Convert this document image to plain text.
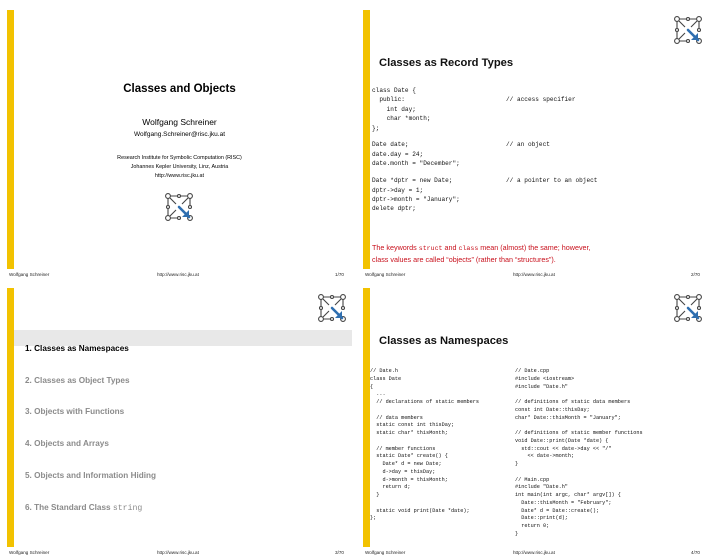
Classes and Objects
Wolfgang Schreiner
Wolfgang.Schreiner@risc.jku.at
Research Institute for Symbolic Computation (RISC)
Johannes Kepler University, Linz, Austria
http://www.risc.jku.at
Wolfgang Schreiner	http://www.risc.jku.at	1/70
Classes as Record Types
class Date {
public:	// access specifier
int day;
char *month;
};
Date date;	// an object
date.day = 24;
date.month = "December";
Date *dptr = new Date;	// a pointer to an object
dptr->day = 1;
dptr->month = "January";
delete dptr;
The keywords struct and class mean (almost) the same; however,
class values are called “objects” (rather than “structures”).
Wolfgang Schreiner	http://www.risc.jku.at	2/70
1. Classes as Namespaces
2. Classes as Object Types
3. Objects with Functions
4. Objects and Arrays
5. Objects and Information Hiding
6. The Standard Class string
Wolfgang Schreiner	http://www.risc.jku.at	3/70
Classes as Namespaces
// Date.h
class Date
{
...
// declarations of static members
// data members
static const int thisDay;
static char* thisMonth;
// member functions
static Date* create() {
Date* d = new Date;
d->day = thisDay;
d->month = thisMonth;
return d;
}
static void print(Date *date);
};
// Date.cpp
#include <iostream>
#include "Date.h"
// definitions of static data members
const int Date::thisDay;
char* Date::thisMonth = "January";
// definitions of static member functions
void Date::print(Date *date) {
std::cout << date->day << "/"
<< date->month;
}
// Main.cpp
#include "Date.h"
int main(int argc, char* argv[]) {
Date::thisMonth = "February";
Date* d = Date::create();
Date::print(d);
return 0;
}
Wolfgang Schreiner	http://www.risc.jku.at	4/70
